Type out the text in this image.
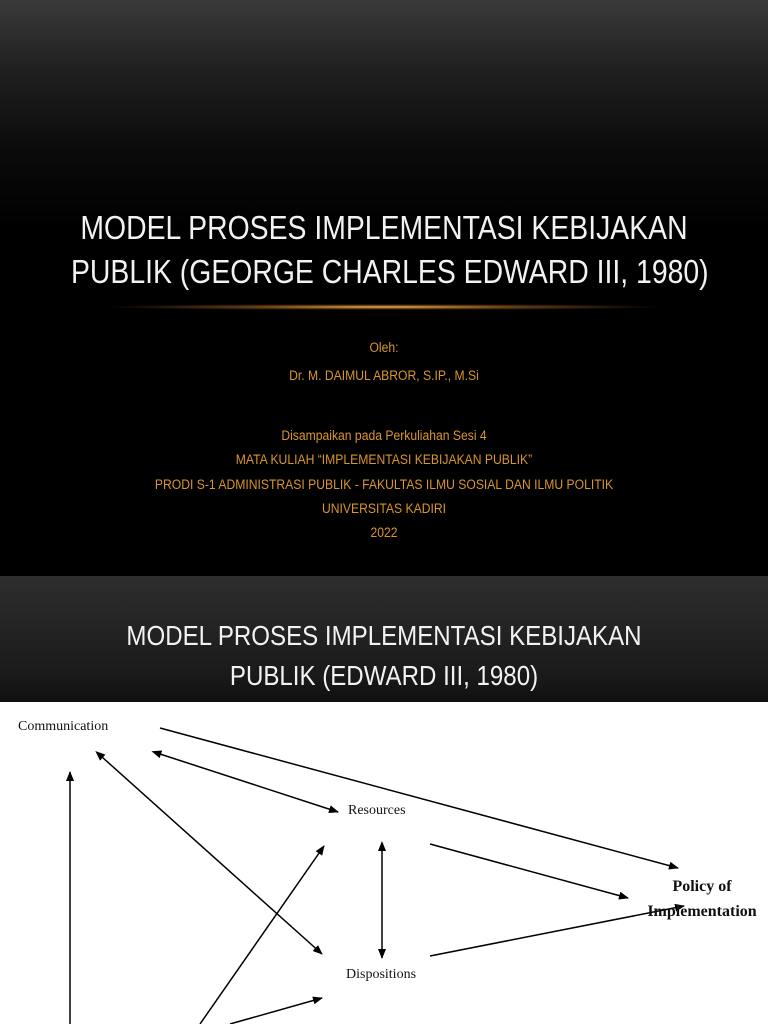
MODEL PROSES IMPLEMENTASI KEBIJAKAN
PUBLIK (GEORGE CHARLES EDWARD III, 1980)
Oleh:
Dr. M. DAIMUL ABROR, S.IP., M.Si
Disampaikan pada Perkuliahan Sesi 4
MATA KULIAH “IMPLEMENTASI KEBIJAKAN PUBLIK”
PRODI S-1 ADMINISTRASI PUBLIK - FAKULTAS ILMU SOSIAL DAN ILMU POLITIK
UNIVERSITAS KADIRI
2022
MODEL PROSES IMPLEMENTASI KEBIJAKAN
PUBLIK (EDWARD III, 1980)
Communication
Resources
Dispositions
Policy of
Implementation
